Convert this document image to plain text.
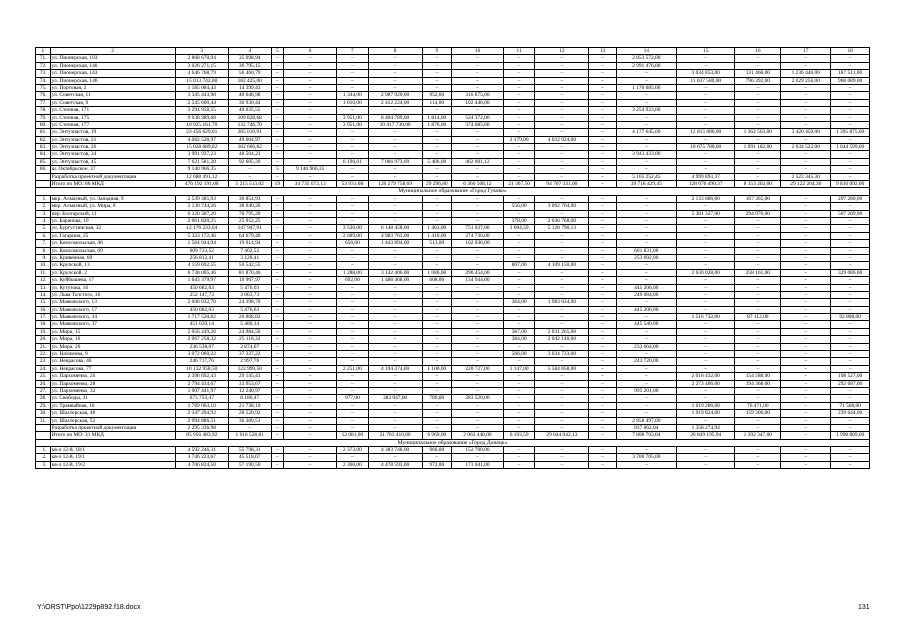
1	2	3	4	5	6	7	8	9	10	11	12	13	14	15	16	17	18
71.	ул. Пионерская, 103	2 868 670,94	35 098,94	–	–	–	–	–	–	–	–	–	2 853 572,00	–	–	–	–
72.	ул. Пионерская, 140	3 026 271,15	36 795,15	–	–	–	–	–	–	–	–	–	2 991 476,00	–	–	–	–
73.	ул. Пионерская, 143	4 646 768,79	56 460,79	–	–	–	–	–	–	–	–	–	–	3 034 853,00	131 468,00	1 236 446,00	187 511,00
74.	ул. Пионерская, 146	15 013 742,00	182 425,00	–	–	–	–	–	–	–	–	–	–	11 037 580,00	796 392,00	2 029 256,00	968 089,00
75.	ул. Портовая, 2	1 185 084,43	14 399,43	–	–	–	–	–	–	–	–	–	1 170 685,00	–	–	–	–
76.	ул. Советская, 11	3 345 443,98	40 648,98	–	–	1 344,00	2 987 920,00	952,00	316 875,00	–	–	–	–	–	–	–	–
77.	ул. Советская, 9	2 545 600,44	30 930,44	–	–	1 010,00	2 412 224,00	114,00	102 446,00	–	–	–	–	–	–	–	–
78.	ул. Степная, 171	3 294 958,55	40 035,55	–	–	–	–	–	–	–	–	–	3 254 923,00	–	–	–	–
79.	ул. Степная, 175	9 038 989,68	109 828,68	–	–	3 951,00	8 404 789,00	1 814,00	524 372,00	–	–	–	–	–	–	–	–
80.	ул. Степная, 177	10 925 161,70	132 746,70	–	–	3 951,00	10 417 730,00	1 876,00	374 685,00	–	–	–	–	–	–	–	–
81.	ул. Энтузиастов, 19	23 456 629,01	285 010,91	–	–	–	–	–	–	–	–	–	4 177 645,00	12 815 086,00	1 362 563,00	3 420 450,00	1 395 875,00
82.	ул. Энтузиастов, 21	4 082 528,97	49 604,97	–	–	–	–	–	–	2 379,00	4 032 924,00	–	–	–	–	–	–
83.	ул. Энтузиастов, 26	15 028 689,82	182 606,82	–	–	–	–	–	–	–	–	–	–	10 675 780,00	1 091 182,00	2 034 522,00	1 044 599,00
84.	ул. Энтузиастов, 34	3 991 937,23	48 504,23	–	–	–	–	–	–	–	–	–	3 943 433,00	–	–	–	–
85.	ул. Энтузиастов, 45	7 621 581,20	92 605,39	–	–	6 196,01	7 066 973,69	5 486,00	462 001,12	–	–	–	–	–	–	–	–
86.	ш. Октябрьское, 37	9 140 966,35	–	5	9 140 966,35	–	–	–	–	–	–	–	–	–	–	–	–
	Разработка проектной документации	12 688 491,12	–	–	–	–	–	–	–	–	–	–	5 165 252,45	4 999 893,37	–	2 523 345,30	–
	Итого по МО: 86 МКД	476 192 191,08	5 215 513,02	19	34 735 672,13	53 931,08	120 279 758,69	29 296,80	6 366 508,12	21 367,50	94 707 331,00	–	39 718 429,45	128 076 490,37	8 153 202,00	29 122 264,30	9 816 092,00
Муниципальное образование «Город Гуково»																	
1.	мкр. Алмазный, ул. Западная, 9	2 539 385,93	30 854,93	–	–	–	–	–	–	–	–	–	–	2 133 886,00	167 365,00	–	207 280,00
2.	мкр. Алмазный, ул. Мира, 8	3 130 744,26	38 040,26	–	–	–	–	–	–	556,00	3 092 704,00	–	–	–	–	–	–
3.	пер. Болгарский, 11	6 320 307,20	76 795,20	–	–	–	–	–	–	–	–	–	–	5 381 327,00	294 976,00	–	567 209,00
4.	ул. Баранова, 10	2 061 820,25	25 052,25	–	–	–	–	–	–	378,00	2 036 768,00	–	–	–	–	–	–
5.	ул. Бургустинская, 32	12 176 233,04	147 947,91	–	–	3 536,00	6 148 458,00	1 463,00	751 037,00	1 604,59	5 128 790,13	–	–	–	–	–	–
6.	ул. Гагарина, 25	5 323 172,46	64 679,46	–	–	2 689,00	4 983 763,00	1 410,00	274 730,00	–	–	–	–	–	–	–	–
7.	ул. Комсомольская, 46	1 564 944,94	19 014,94	–	–	656,00	1 443 894,00	513,00	102 036,00	–	–	–	–	–	–	–	–
8.	ул. Комсомольская, 69	609 733,52	7 402,52	–	–	–	–	–	–	–	–	–	601 831,00	–	–	–	–
9.	ул. Кривенная, 69	256 812,41	3 120,41	–	–	–	–	–	–	–	–	–	253 692,00	–	–	–	–
10.	ул. Крупской, 13	4 159 692,55	50 542,55	–	–	–	–	–	–	807,00	4 109 150,00	–	–	–	–	–	–
11.	ул. Крупской, 2	6 738 005,46	81 870,46	–	–	1 288,00	3 142 406,00	1 086,00	296 454,00	–	–	–	–	2 630 028,00	258 161,00	–	329 086,00
12.	ул. Куйбышева, 17	1 643 379,97	19 967,97	–	–	692,00	1 488 468,00	608,00	134 944,00	–	–	–	–	–	–	–	–
13.	ул. Кутузова, 16	450 682,03	5 476,03	–	–	–	–	–	–	–	–	–	445 206,00	–	–	–	–
14.	ул. Льва Толстого, 16	252 147,73	3 063,73	–	–	–	–	–	–	–	–	–	249 084,00	–	–	–	–
15.	ул. Маяковского, 13	2 008 032,70	24 398,70	–	–	–	–	–	–	364,00	1 983 634,00	–	–	–	–	–	–
16.	ул. Маяковского, 17	450 682,03	5 476,03	–	–	–	–	–	–	–	–	–	445 206,00	–	–	–	–
17.	ул. Маяковского, 34	1 717 520,82	20 868,82	–	–	–	–	–	–	–	–	–	–	1 516 732,00	87 112,00	–	92 808,00
18.	ул. Маяковского, 37	451 020,14	5 480,14	–	–	–	–	–	–	–	–	–	445 540,00	–	–	–	–
19.	ул. Мира, 15	2 056 249,26	24 984,56	–	–	–	–	–	–	387,00	2 031 265,00	–	–	–	–	–	–
20.	ул. Мира, 16	2 067 258,32	25 118,32	–	–	–	–	–	–	384,00	2 042 140,00	–	–	–	–	–	–
21.	ул. Мира, 26	236 538,07	2 874,07	–	–	–	–	–	–	–	–	–	233 664,00	–	–	–	–
22.	ул. Нахимова, 9	3 072 060,22	37 327,22	–	–	–	–	–	–	566,00	3 034 733,00	–	–	–	–	–	–
23.	ул. Некрасова, 46	246 717,76	2 997,76	–	–	–	–	–	–	–	–	–	243 720,00	–	–	–	–
24.	ул. Некрасова, 77	10 132 958,50	122 999,50	–	–	2 251,00	4 194 374,00	1 100,00	220 727,00	1 147,00	5 584 858,00	–	–	–	–	–	–
25.	ул. Пархоменко, 26	2 398 692,43	29 145,43	–	–	–	–	–	–	–	–	–	–	2 016 432,00	154 588,00	–	198 527,00
26.	ул. Пархоменко, 28	2 794 434,67	33 953,67	–	–	–	–	–	–	–	–	–	–	2 273 406,00	194 368,00	–	292 687,00
27.	ул. Пархоменко, 32	1 007 441,97	12 240,97	–	–	–	–	–	–	–	–	–	995 201,00	–	–	–	–
28.	ул. Свободы, 31	673 753,47	8 186,47	–	–	977,00	382 047,00	789,00	283 520,00	–	–	–	–	–	–	–	–
29.	ул. Трамвайная, 18	1 789 063,10	21 738,10	–	–	–	–	–	–	–	–	–	–	1 619 286,00	76 471,00	–	71 568,00
30.	ул. Шахтерская, 48	2 347 294,92	28 520,92	–	–	–	–	–	–	–	–	–	–	1 919 824,00	159 306,00	–	239 644,00
31.	ул. Шахтерская, 52	2 994 886,51	36 389,51	–	–	–	–	–	–	–	–	–	2 958 497,00	–	–	–	–
	Разработка проектной документации	2 295 336,98	–	–	–	–	–	–	–	–	–	–	937 062,04	1 358 274,94	–	–	–
	Итого по МО: 31 МКД	85 956 483,92	1 016 528,81	–	–	12 081,00	21 783 410,00	6 969,00	2 063 448,00	6 193,59	29 044 042,13	–	7 808 703,04	20 849 195,94	1 392 347,00	–	1 998 809,00
Муниципальное образование «Город Донецк»																	
1.	кв-л 12-й, 18/1	4 592 246,31	55 798,31	–	–	2 373,00	4 383 748,00	966,00	152 700,00	–	–	–	–	–	–	–	–
2.	кв-л 12-й, 19/1	3 746 223,67	45 518,67	–	–	–	–	–	–	–	–	–	3 700 705,00	–	–	–	–
3.	кв-л 12-й, 19/2	4 706 824,50	57 190,50	–	–	2 360,00	4 478 593,00	972,00	171 041,00	–	–	–	–	–	–	–	–
Y:\ORST\Ppo\1229p892.f18.docx	131
